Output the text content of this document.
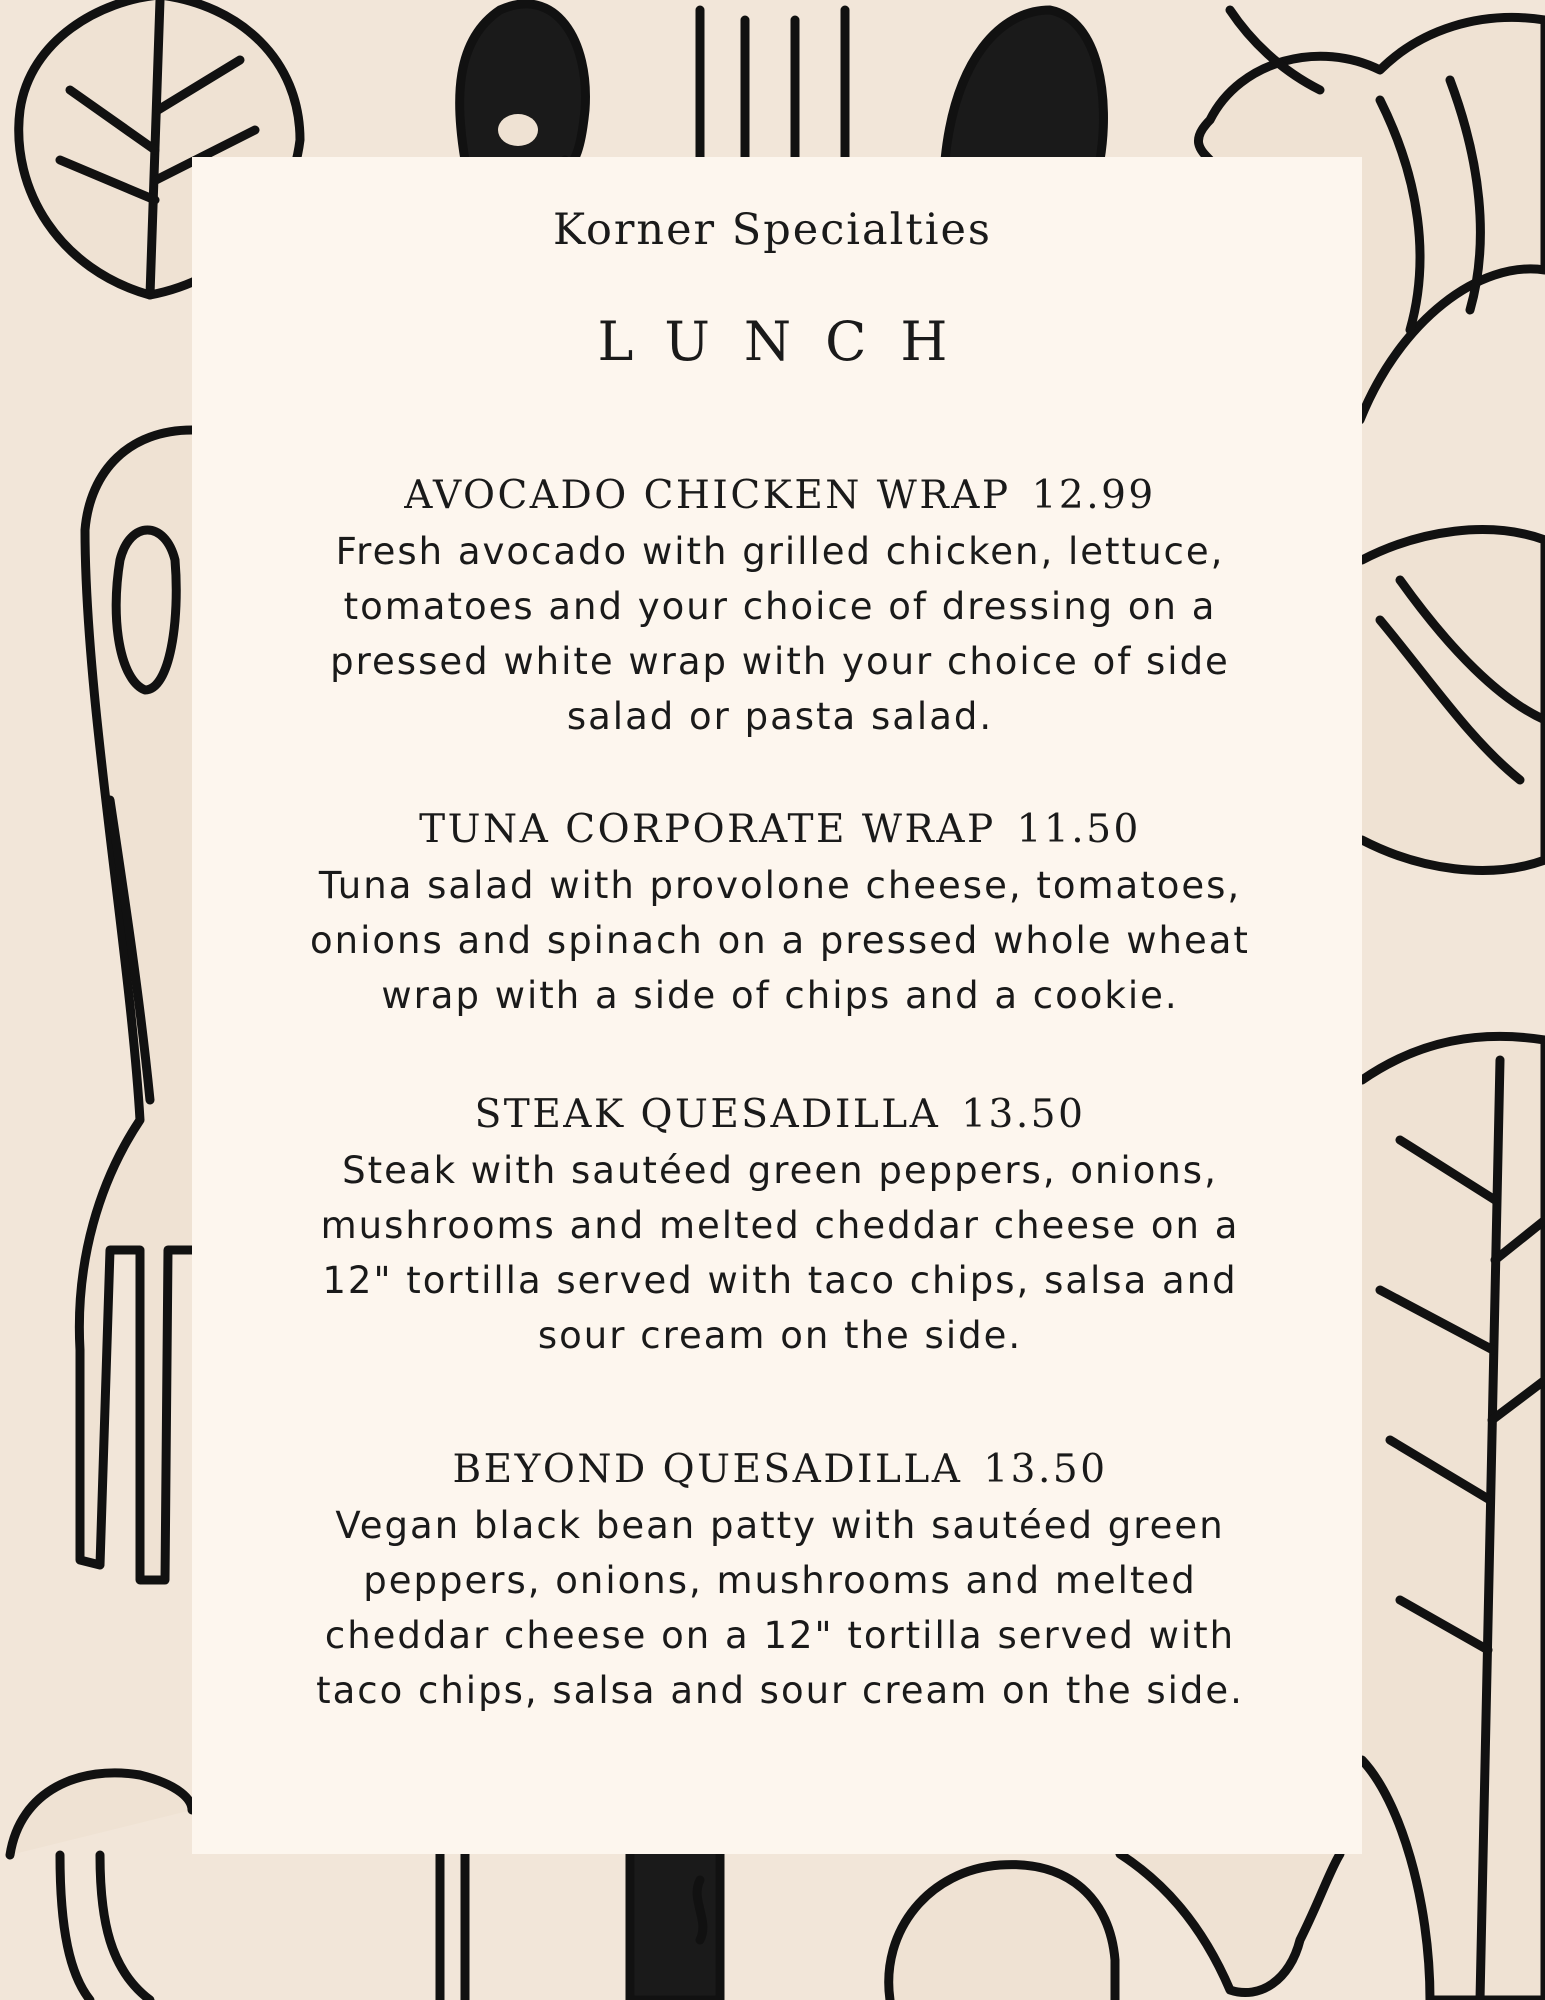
Korner Specialties
LUNCH
AVOCADO CHICKEN WRAP 12.99
Fresh avocado with grilled chicken, lettuce, tomatoes and your choice of dressing on a pressed white wrap with your choice of side salad or pasta salad.
TUNA CORPORATE WRAP 11.50
Tuna salad with provolone cheese, tomatoes, onions and spinach on a pressed whole wheat wrap with a side of chips and a cookie.
STEAK QUESADILLA 13.50
Steak with sautéed green peppers, onions, mushrooms and melted cheddar cheese on a 12" tortilla served with taco chips, salsa and sour cream on the side.
BEYOND QUESADILLA 13.50
Vegan black bean patty with sautéed green peppers, onions, mushrooms and melted cheddar cheese on a 12" tortilla served with taco chips, salsa and sour cream on the side.
